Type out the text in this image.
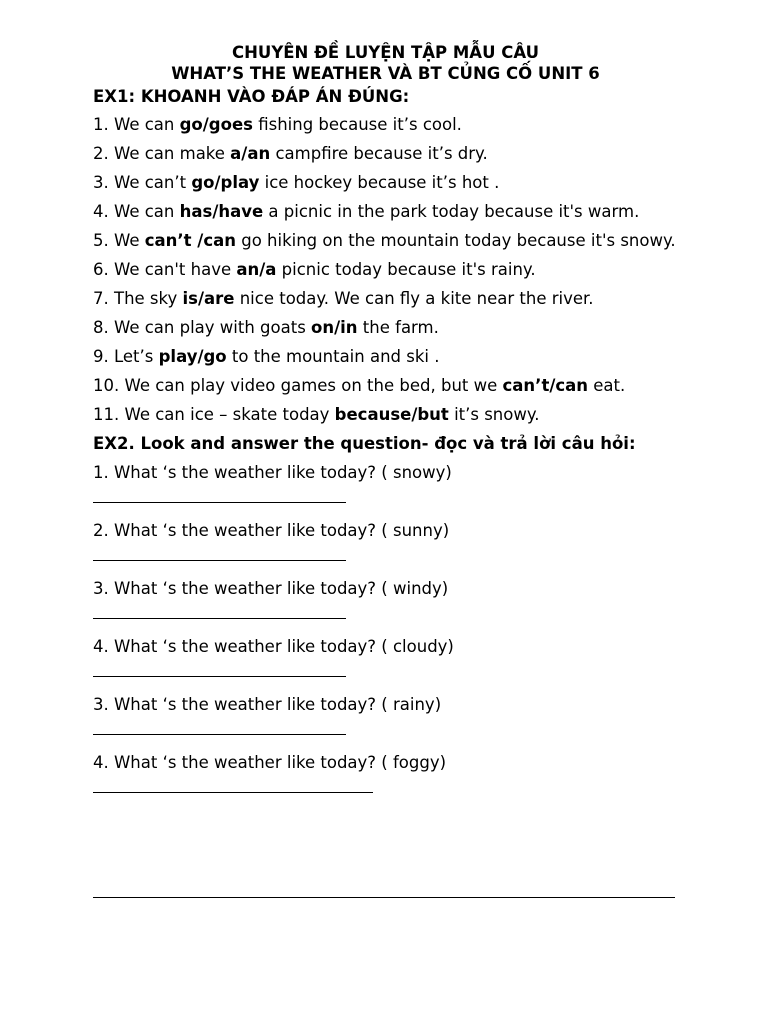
CHUYÊN ĐỀ LUYỆN TẬP MẪU CÂU
WHAT’S THE WEATHER VÀ BT CỦNG CỐ UNIT 6
EX1: KHOANH VÀO ĐÁP ÁN ĐÚNG:
1. We can go/goes fishing because it’s cool.
2. We can make a/an campfire because it’s dry.
3. We can’t go/play ice hockey because it’s hot .
4. We can has/have a picnic in the park today because it's warm.
5. We can’t /can go hiking on the mountain today because it's snowy.
6. We can't have an/a picnic today because it's rainy.
7. The sky is/are nice today. We can fly a kite near the river.
8. We can play with goats on/in the farm.
9. Let’s play/go to the mountain and ski .
10. We can play video games on the bed, but we can’t/can eat.
11. We can ice – skate today because/but it’s snowy.
EX2. Look and answer the question- đọc và trả lời câu hỏi:
1. What ‘s the weather like today? ( snowy)
2. What ‘s the weather like today? ( sunny)
3. What ‘s the weather like today? ( windy)
4. What ‘s the weather like today? ( cloudy)
3. What ‘s the weather like today? ( rainy)
4. What ‘s the weather like today? ( foggy)
